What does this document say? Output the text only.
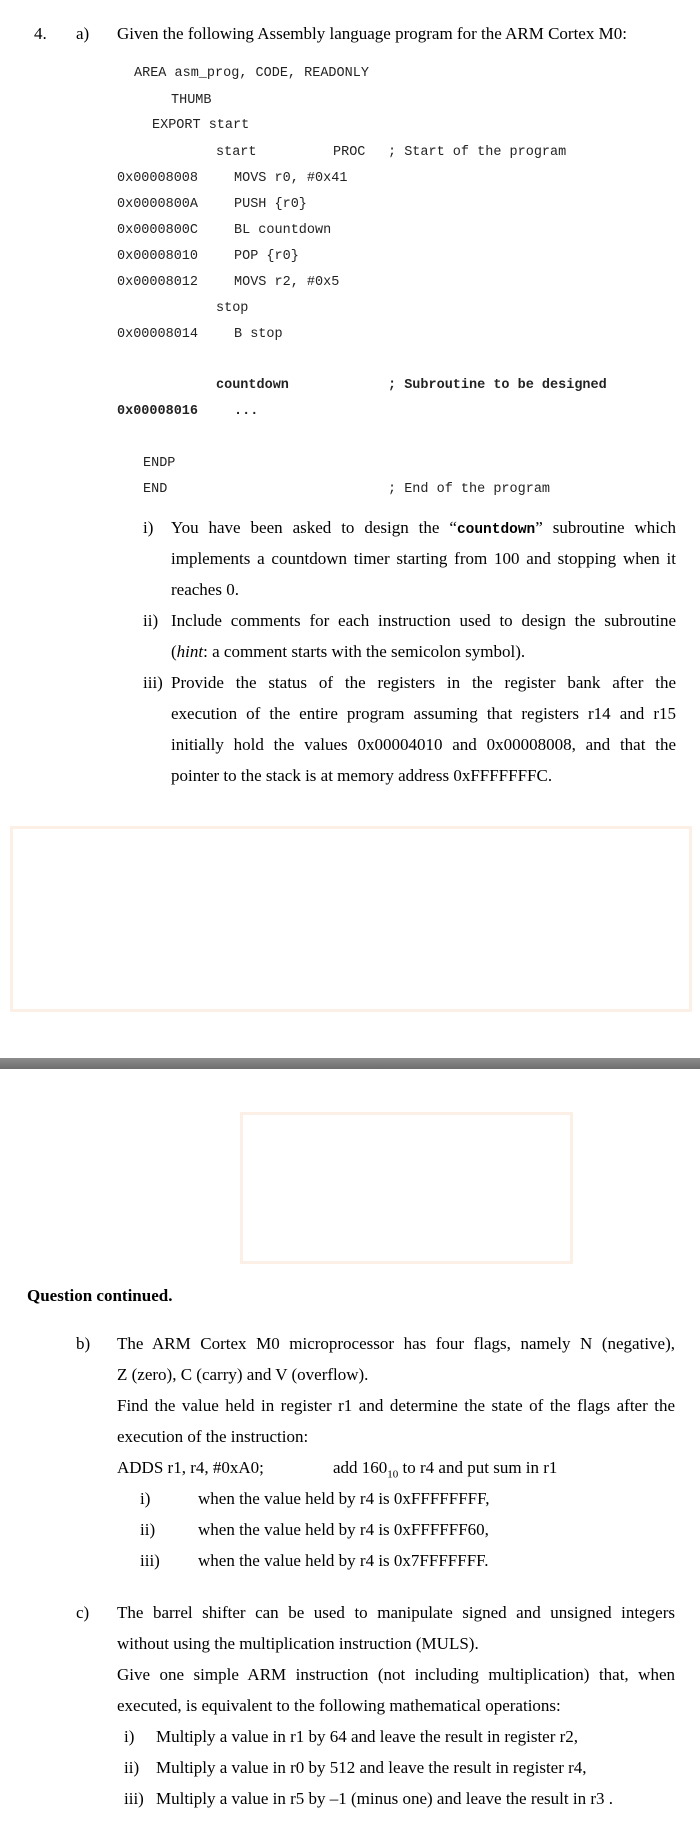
4. a) Given the following Assembly language program for the ARM Cortex M0:
AREA asm_prog, CODE, READONLY
THUMB
EXPORT start
start	PROC ; Start of the program
0x00008008	MOVS r0, #0x41
0x0000800A	PUSH {r0}
0x0000800C	BL countdown
0x00008010	POP {r0}
0x00008012	MOVS r2, #0x5
stop
0x00008014	B stop
countdown	; Subroutine to be designed
0x00008016	...
ENDP
END	; End of the program
i) You have been asked to design the “countdown” subroutine which
implements a countdown timer starting from 100 and stopping when it
reaches 0.
ii) Include comments for each instruction used to design the subroutine
(hint: a comment starts with the semicolon symbol).
iii) Provide the status of the registers in the register bank after the
execution of the entire program assuming that registers r14 and r15
initially hold the values 0x00004010 and 0x00008008, and that the
pointer to the stack is at memory address 0xFFFFFFFC.
Question continued.
b) The ARM Cortex M0 microprocessor has four flags, namely N (negative),
Z (zero), C (carry) and V (overflow).
Find the value held in register r1 and determine the state of the flags after the
execution of the instruction:
ADDS r1, r4, #0xA0;	add $160_{10}$ to r4 and put sum in r1
i)	when the value held by r4 is 0xFFFFFFFF,
ii)	when the value held by r4 is 0xFFFFFF60,
iii) when the value held by r4 is 0x7FFFFFFF.
c) The barrel shifter can be used to manipulate signed and unsigned integers
without using the multiplication instruction (MULS).
Give one simple ARM instruction (not including multiplication) that, when
executed, is equivalent to the following mathematical operations:
i) Multiply a value in r1 by 64 and leave the result in register r2,
ii) Multiply a value in r0 by 512 and leave the result in register r4,
iii) Multiply a value in r5 by –1 (minus one) and leave the result in r3 .
